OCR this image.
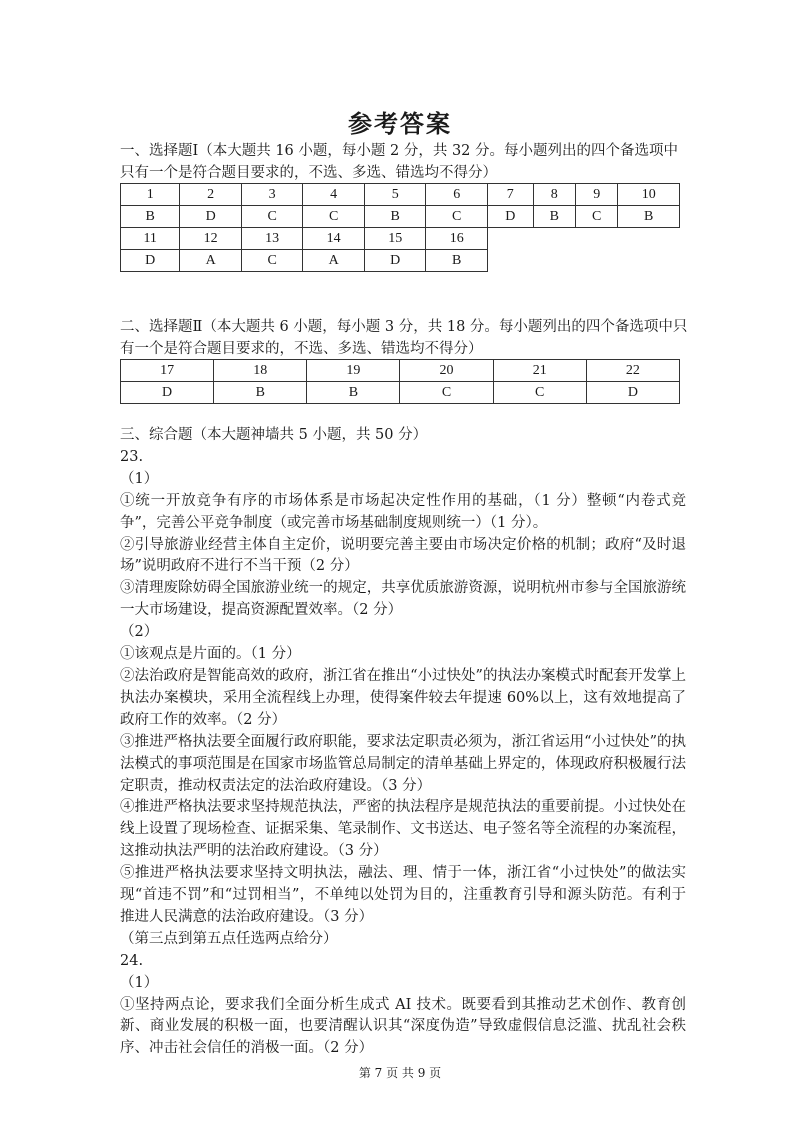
参考答案
一、选择题Ⅰ（本大题共 16 小题，每小题 2 分，共 32 分。每小题列出的四个备选项中只有一个是符合题目要求的，不选、多选、错选均不得分）
1	2	3	4	5	6	7	8	9	10
B	D	C	C	B	C	D	B	C	B
11	12	13	14	15	16				
D	A	C	A	D	B				
二、选择题Ⅱ（本大题共 6 小题，每小题 3 分，共 18 分。每小题列出的四个备选项中只有一个是符合题目要求的，不选、多选、错选均不得分）
17	18	19	20	21	22
D	B	B	C	C	D

三、综合题（本大题神墙共 5 小题，共 50 分）

23.

（1）

①统一开放竞争有序的市场体系是市场起决定性作用的基础，（1 分）整顿“内卷式竞争”，完善公平竞争制度（或完善市场基础制度规则统一）（1 分）。

②引导旅游业经营主体自主定价，说明要完善主要由市场决定价格的机制；政府“及时退场”说明政府不进行不当干预（2 分）

③清理废除妨碍全国旅游业统一的规定，共享优质旅游资源，说明杭州市参与全国旅游统一大市场建设，提高资源配置效率。（2 分）

（2）

①该观点是片面的。（1 分）

②法治政府是智能高效的政府，浙江省在推出“小过快处”的执法办案模式时配套开发掌上执法办案模块，采用全流程线上办理，使得案件较去年提速 60%以上，这有效地提高了政府工作的效率。（2 分）

③推进严格执法要全面履行政府职能，要求法定职责必须为，浙江省运用“小过快处”的执法模式的事项范围是在国家市场监管总局制定的清单基础上界定的，体现政府积极履行法定职责，推动权责法定的法治政府建设。（3 分）

④推进严格执法要求坚持规范执法，严密的执法程序是规范执法的重要前提。小过快处在线上设置了现场检查、证据采集、笔录制作、文书送达、电子签名等全流程的办案流程，这推动执法严明的法治政府建设。（3 分）

⑤推进严格执法要求坚持文明执法，融法、理、情于一体，浙江省“小过快处”的做法实现“首违不罚”和“过罚相当”，不单纯以处罚为目的，注重教育引导和源头防范。有利于推进人民满意的法治政府建设。（3 分）

（第三点到第五点任选两点给分）

24.

（1）

①坚持两点论，要求我们全面分析生成式 AI 技术。既要看到其推动艺术创作、教育创新、商业发展的积极一面，也要清醒认识其“深度伪造”导致虚假信息泛滥、扰乱社会秩序、冲击社会信任的消极一面。（2 分）

第 7 页 共 9 页
